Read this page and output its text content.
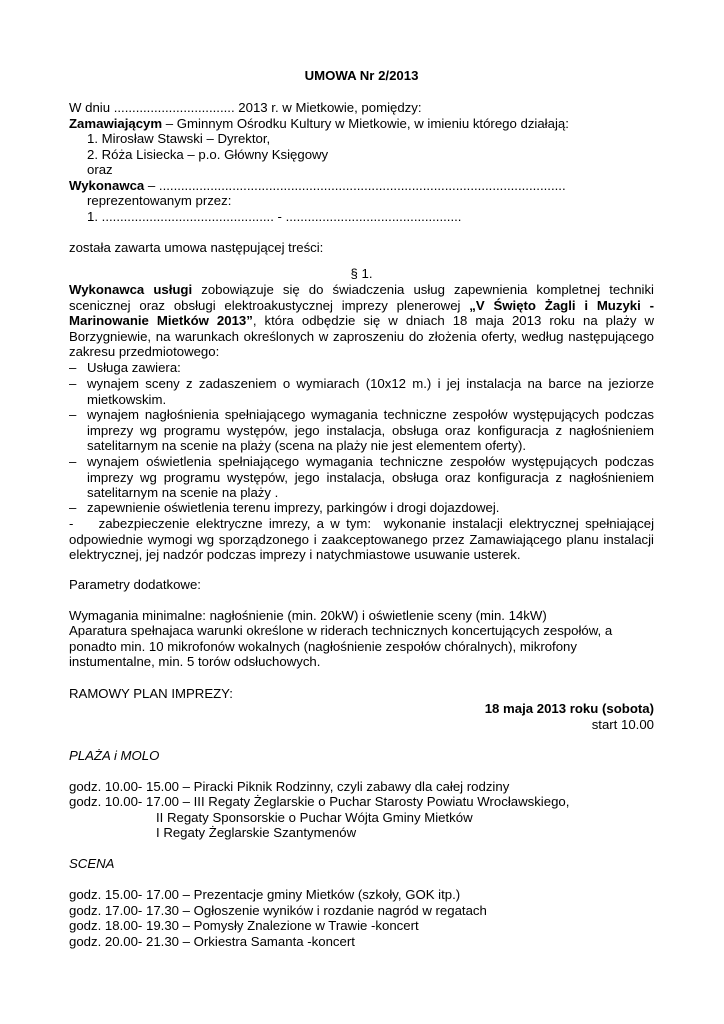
UMOWA Nr 2/2013
W dniu ................................. 2013 r. w Mietkowie, pomiędzy:
Zamawiającym – Gminnym Ośrodku Kultury w Mietkowie, w imieniu którego działają:
1. Mirosław Stawski – Dyrektor,
2. Róża Lisiecka – p.o. Główny Księgowy
oraz
Wykonawca – ...............................................................................................................
reprezentowanym przez:
1. ............................................... - ................................................
została zawarta umowa następującej treści:
§ 1.
Wykonawca usługi zobowiązuje się do świadczenia usług zapewnienia kompletnej techniki scenicznej oraz obsługi elektroakustycznej imprezy plenerowej „V Święto Żagli i Muzyki -Marinowanie Mietków 2013”, która odbędzie się w dniach 18 maja 2013 roku na plaży w Borzygniewie, na warunkach określonych w zaproszeniu do złożenia oferty, według następującego zakresu przedmiotowego:
– Usługa zawiera:
– wynajem sceny z zadaszeniem o wymiarach (10x12 m.) i jej instalacja na barce na jeziorze mietkowskim.
– wynajem nagłośnienia spełniającego wymagania techniczne zespołów występujących podczas imprezy wg programu występów, jego instalacja, obsługa oraz konfiguracja z nagłośnieniem satelitarnym na scenie na plaży (scena na plaży nie jest elementem oferty).
– wynajem oświetlenia spełniającego wymagania techniczne zespołów występujących podczas imprezy wg programu występów, jego instalacja, obsługa oraz konfiguracja z nagłośnieniem satelitarnym na scenie na plaży .
– zapewnienie oświetlenia terenu imprezy, parkingów i drogi dojazdowej.
-    zabezpieczenie elektryczne imrezy, a w tym:  wykonanie instalacji elektrycznej spełniającej odpowiednie wymogi wg sporządzonego i zaakceptowanego przez Zamawiającego planu instalacji elektrycznej, jej nadzór podczas imprezy i natychmiastowe usuwanie usterek.
Parametry dodatkowe:
Wymagania minimalne: nagłośnienie (min. 20kW) i oświetlenie sceny (min. 14kW)
Aparatura spełnajaca warunki określone w riderach technicznych koncertujących zespołów, a ponadto min. 10 mikrofonów wokalnych (nagłośnienie zespołów chóralnych), mikrofony instumentalne, min. 5 torów odsłuchowych.
RAMOWY PLAN IMPREZY:
18 maja 2013 roku (sobota)
start 10.00
PLAŻA i MOLO
godz. 10.00- 15.00 – Piracki Piknik Rodzinny, czyli zabawy dla całej rodziny
godz. 10.00- 17.00 – III Regaty Żeglarskie o Puchar Starosty Powiatu Wrocławskiego,
II Regaty Sponsorskie o Puchar Wójta Gminy Mietków
I Regaty Żeglarskie Szantymenów
SCENA
godz. 15.00- 17.00 – Prezentacje gminy Mietków (szkoły, GOK itp.)
godz. 17.00- 17.30 – Ogłoszenie wyników i rozdanie nagród w regatach
godz. 18.00- 19.30 – Pomysły Znalezione w Trawie -koncert
godz. 20.00- 21.30 – Orkiestra Samanta -koncert
